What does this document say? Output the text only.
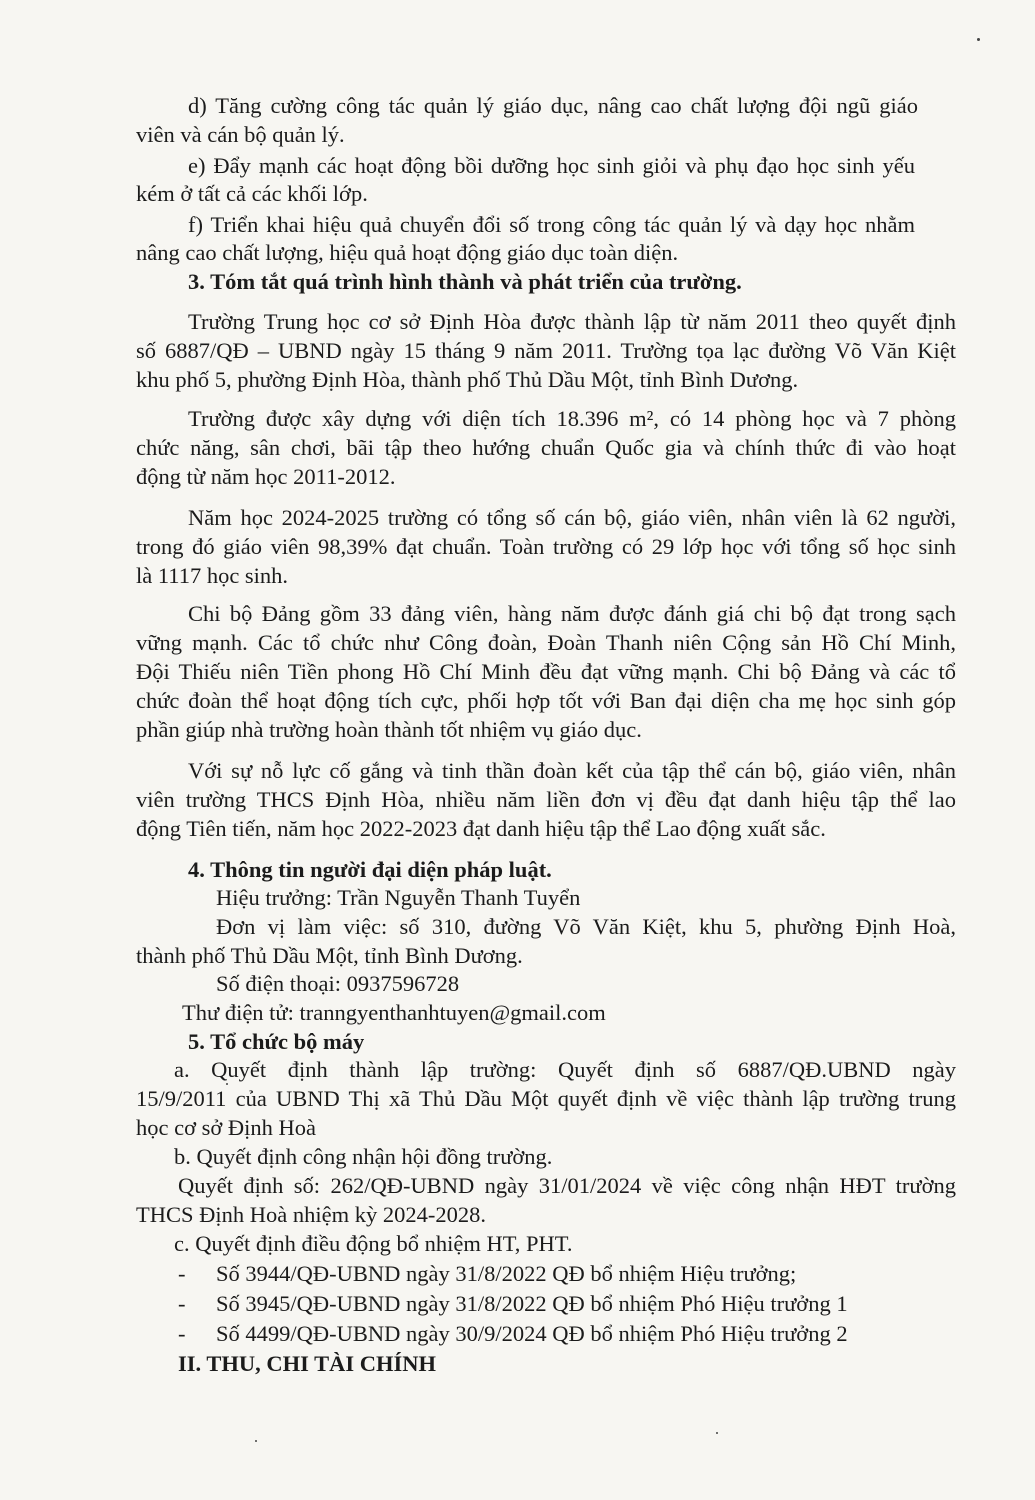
d) Tăng cường công tác quản lý giáo dục, nâng cao chất lượng đội ngũ giáo
viên và cán bộ quản lý.
e) Đẩy mạnh các hoạt động bồi dưỡng học sinh giỏi và phụ đạo học sinh yếu
kém ở tất cả các khối lớp.
f) Triển khai hiệu quả chuyển đổi số trong công tác quản lý và dạy học nhằm
nâng cao chất lượng, hiệu quả hoạt động giáo dục toàn diện.
3. Tóm tắt quá trình hình thành và phát triển của trường.
Trường Trung học cơ sở Định Hòa được thành lập từ năm 2011 theo quyết định
số 6887/QĐ – UBND ngày 15 tháng 9 năm 2011. Trường tọa lạc đường Võ Văn Kiệt
khu phố 5, phường Định Hòa, thành phố Thủ Dầu Một, tỉnh Bình Dương.
Trường được xây dựng với diện tích 18.396 m², có 14 phòng học và 7 phòng
chức năng, sân chơi, bãi tập theo hướng chuẩn Quốc gia và chính thức đi vào hoạt
động từ năm học 2011-2012.
Năm học 2024-2025 trường có tổng số cán bộ, giáo viên, nhân viên là 62 người,
trong đó giáo viên 98,39% đạt chuẩn. Toàn trường có 29 lớp học với tổng số học sinh
là 1117 học sinh.
Chi bộ Đảng gồm 33 đảng viên, hàng năm được đánh giá chi bộ đạt trong sạch
vững mạnh. Các tổ chức như Công đoàn, Đoàn Thanh niên Cộng sản Hồ Chí Minh,
Đội Thiếu niên Tiền phong Hồ Chí Minh đều đạt vững mạnh. Chi bộ Đảng và các tổ
chức đoàn thể hoạt động tích cực, phối hợp tốt với Ban đại diện cha mẹ học sinh góp
phần giúp nhà trường hoàn thành tốt nhiệm vụ giáo dục.
Với sự nỗ lực cố gắng và tinh thần đoàn kết của tập thể cán bộ, giáo viên, nhân
viên trường THCS Định Hòa, nhiều năm liền đơn vị đều đạt danh hiệu tập thể lao
động Tiên tiến, năm học 2022-2023 đạt danh hiệu tập thể Lao động xuất sắc.
4. Thông tin người đại diện pháp luật.
Hiệu trưởng: Trần Nguyễn Thanh Tuyển
Đơn vị làm việc: số 310, đường Võ Văn Kiệt, khu 5, phường Định Hoà,
thành phố Thủ Dầu Một, tỉnh Bình Dương.
Số điện thoại: 0937596728
Thư điện tử: tranngyenthanhtuyen@gmail.com
5. Tổ chức bộ máy
a. Quyết định thành lập trường: Quyết định số 6887/QĐ.UBND ngày
15/9/2011 của UBND Thị xã Thủ Dầu Một quyết định về việc thành lập trường trung
học cơ sở Định Hoà
b. Quyết định công nhận hội đồng trường.
Quyết định số: 262/QĐ-UBND ngày 31/01/2024 về việc công nhận HĐT trường
THCS Định Hoà nhiệm kỳ 2024-2028.
c. Quyết định điều động bổ nhiệm HT, PHT.
- Số 3944/QĐ-UBND ngày 31/8/2022 QĐ bổ nhiệm Hiệu trưởng;
- Số 3945/QĐ-UBND ngày 31/8/2022 QĐ bổ nhiệm Phó Hiệu trưởng 1
- Số 4499/QĐ-UBND ngày 30/9/2024 QĐ bổ nhiệm Phó Hiệu trưởng 2
II. THU, CHI TÀI CHÍNH
